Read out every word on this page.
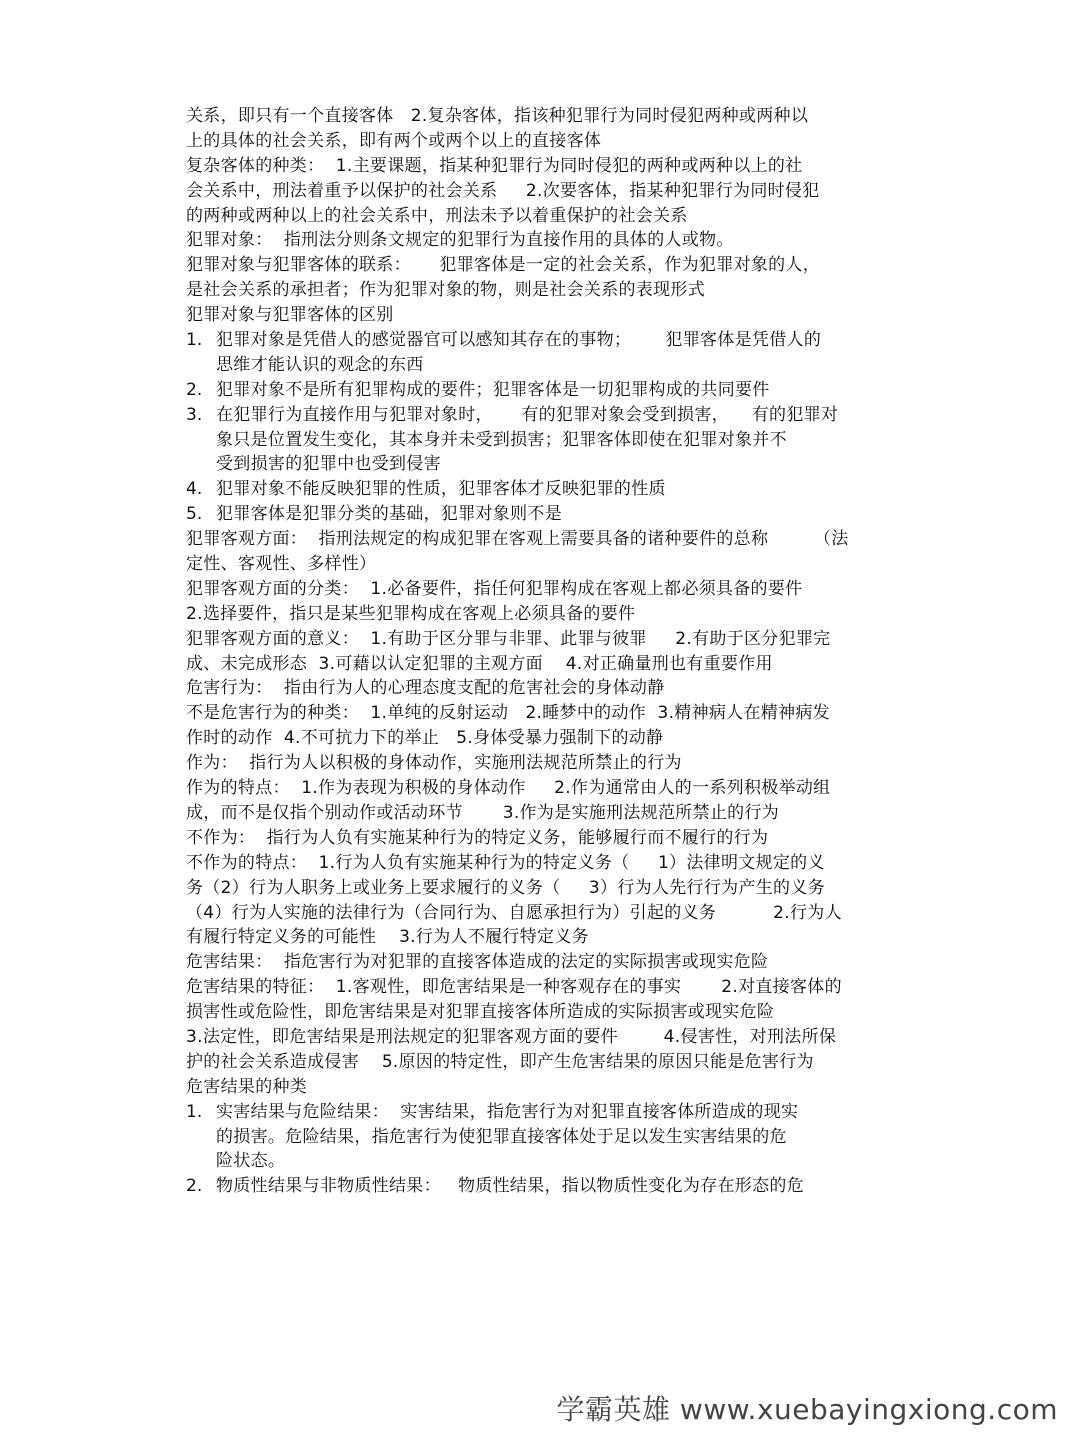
关系，即只有一个直接客体   2.复杂客体，指该种犯罪行为同时侵犯两种或两种以
上的具体的社会关系，即有两个或两个以上的直接客体
复杂客体的种类：  1.主要课题，指某种犯罪行为同时侵犯的两种或两种以上的社
会关系中，刑法着重予以保护的社会关系     2.次要客体，指某种犯罪行为同时侵犯
的两种或两种以上的社会关系中，刑法未予以着重保护的社会关系
犯罪对象：  指刑法分则条文规定的犯罪行为直接作用的具体的人或物。
犯罪对象与犯罪客体的联系：     犯罪客体是一定的社会关系，作为犯罪对象的人，
是社会关系的承担者；作为犯罪对象的物，则是社会关系的表现形式
犯罪对象与犯罪客体的区别
1. 犯罪对象是凭借人的感觉器官可以感知其存在的事物；      犯罪客体是凭借人的
思维才能认识的观念的东西
2. 犯罪对象不是所有犯罪构成的要件；犯罪客体是一切犯罪构成的共同要件
3. 在犯罪行为直接作用与犯罪对象时，     有的犯罪对象会受到损害，    有的犯罪对
象只是位置发生变化，其本身并未受到损害；犯罪客体即使在犯罪对象并不
受到损害的犯罪中也受到侵害
4. 犯罪对象不能反映犯罪的性质，犯罪客体才反映犯罪的性质
5. 犯罪客体是犯罪分类的基础，犯罪对象则不是
犯罪客观方面：  指刑法规定的构成犯罪在客观上需要具备的诸种要件的总称        （法
定性、客观性、多样性）
犯罪客观方面的分类：  1.必备要件，指任何犯罪构成在客观上都必须具备的要件
2.选择要件，指只是某些犯罪构成在客观上必须具备的要件
犯罪客观方面的意义：  1.有助于区分罪与非罪、此罪与彼罪     2.有助于区分犯罪完
成、未完成形态  3.可藉以认定犯罪的主观方面    4.对正确量刑也有重要作用
危害行为：  指由行为人的心理态度支配的危害社会的身体动静
不是危害行为的种类：  1.单纯的反射运动   2.睡梦中的动作  3.精神病人在精神病发
作时的动作  4.不可抗力下的举止   5.身体受暴力强制下的动静
作为：  指行为人以积极的身体动作，实施刑法规范所禁止的行为
作为的特点：  1.作为表现为积极的身体动作     2.作为通常由人的一系列积极举动组
成，而不是仅指个别动作或活动环节       3.作为是实施刑法规范所禁止的行为
不作为：  指行为人负有实施某种行为的特定义务，能够履行而不履行的行为
不作为的特点：  1.行为人负有实施某种行为的特定义务（     1）法律明文规定的义
务（2）行为人职务上或业务上要求履行的义务（     3）行为人先行行为产生的义务
（4）行为人实施的法律行为（合同行为、自愿承担行为）引起的义务          2.行为人
有履行特定义务的可能性    3.行为人不履行特定义务
危害结果：  指危害行为对犯罪的直接客体造成的法定的实际损害或现实危险
危害结果的特征：  1.客观性，即危害结果是一种客观存在的事实       2.对直接客体的
损害性或危险性，即危害结果是对犯罪直接客体所造成的实际损害或现实危险
3.法定性，即危害结果是刑法规定的犯罪客观方面的要件        4.侵害性，对刑法所保
护的社会关系造成侵害    5.原因的特定性，即产生危害结果的原因只能是危害行为
危害结果的种类
1. 实害结果与危险结果：  实害结果，指危害行为对犯罪直接客体所造成的现实
的损害。危险结果，指危害行为使犯罪直接客体处于足以发生实害结果的危
险状态。
2. 物质性结果与非物质性结果：   物质性结果，指以物质性变化为存在形态的危
学霸英雄 www.xuebayingxiong.com
